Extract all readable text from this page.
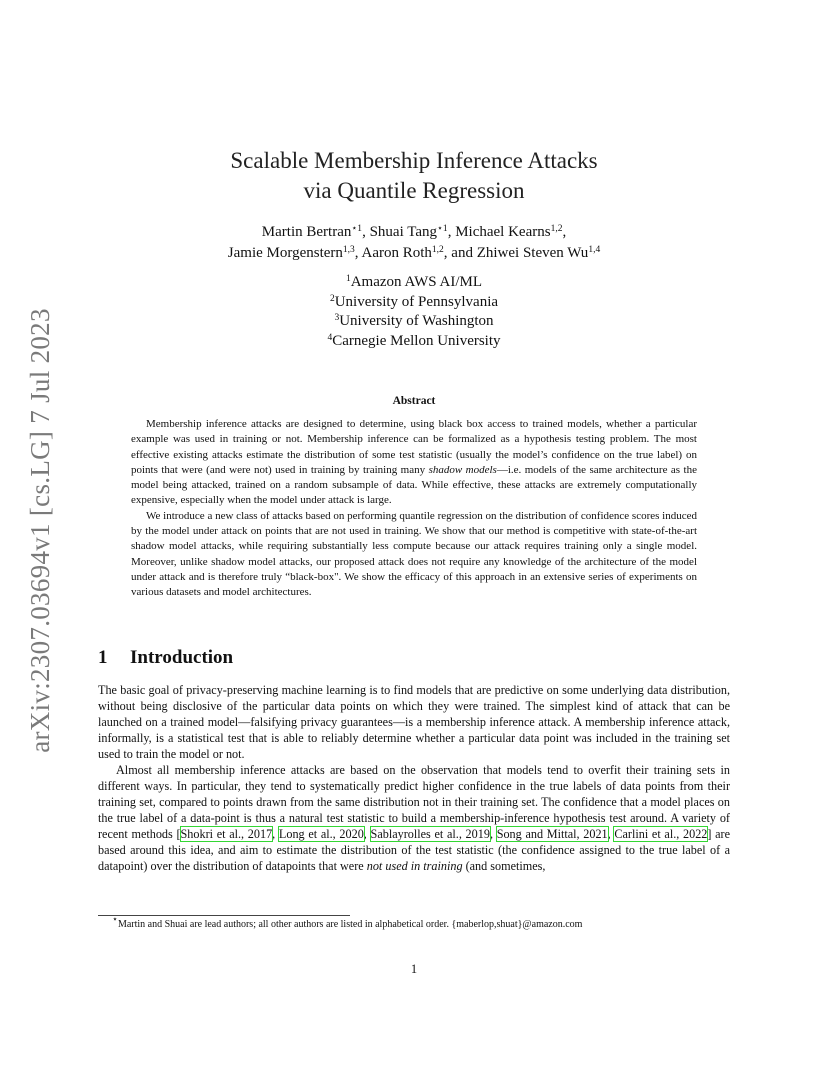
arXiv:2307.03694v1 [cs.LG] 7 Jul 2023
Scalable Membership Inference Attacks
via Quantile Regression
Martin Bertran$^{⋆1}$, Shuai Tang$^{⋆1}$, Michael Kearns$^{1,2}$,
Jamie Morgenstern$^{1,3}$, Aaron Roth$^{1,2}$, and Zhiwei Steven Wu$^{1,4}$
$^1$Amazon AWS AI/ML
$^2$University of Pennsylvania
$^3$University of Washington
$^4$Carnegie Mellon University
Abstract

Membership inference attacks are designed to determine, using black box access to trained models, whether a particular example was used in training or not. Membership inference can be formalized as a hypothesis testing problem. The most effective existing attacks estimate the distribution of some test statistic (usually the model’s confidence on the true label) on points that were (and were not) used in training by training many shadow models—i.e. models of the same architecture as the model being attacked, trained on a random subsample of data. While effective, these attacks are extremely computationally expensive, especially when the model under attack is large.

We introduce a new class of attacks based on performing quantile regression on the distribution of confidence scores induced by the model under attack on points that are not used in training. We show that our method is competitive with state-of-the-art shadow model attacks, while requiring substantially less compute because our attack requires training only a single model. Moreover, unlike shadow model attacks, our proposed attack does not require any knowledge of the architecture of the model under attack and is therefore truly “black-box". We show the efficacy of this approach in an extensive series of experiments on various datasets and model architectures.

1 Introduction

The basic goal of privacy-preserving machine learning is to find models that are predictive on some underlying data distribution, without being disclosive of the particular data points on which they were trained. The simplest kind of attack that can be launched on a trained model—falsifying privacy guarantees—is a membership inference attack. A membership inference attack, informally, is a statistical test that is able to reliably determine whether a particular data point was included in the training set used to train the model or not.

Almost all membership inference attacks are based on the observation that models tend to overfit their training sets in different ways. In particular, they tend to systematically predict higher confidence in the true labels of data points from their training set, compared to points drawn from the same distribution not in their training set. The confidence that a model places on the true label of a data-point is thus a natural test statistic to build a membership-inference hypothesis test around. A variety of recent methods [Shokri et al., 2017, Long et al., 2020, Sablayrolles et al., 2019, Song and Mittal, 2021, Carlini et al., 2022] are based around this idea, and aim to estimate the distribution of the test statistic (the confidence assigned to the true label of a datapoint) over the distribution of datapoints that were not used in training (and sometimes,

⋆Martin and Shuai are lead authors; all other authors are listed in alphabetical order. {maberlop,shuat}@amazon.com
1
